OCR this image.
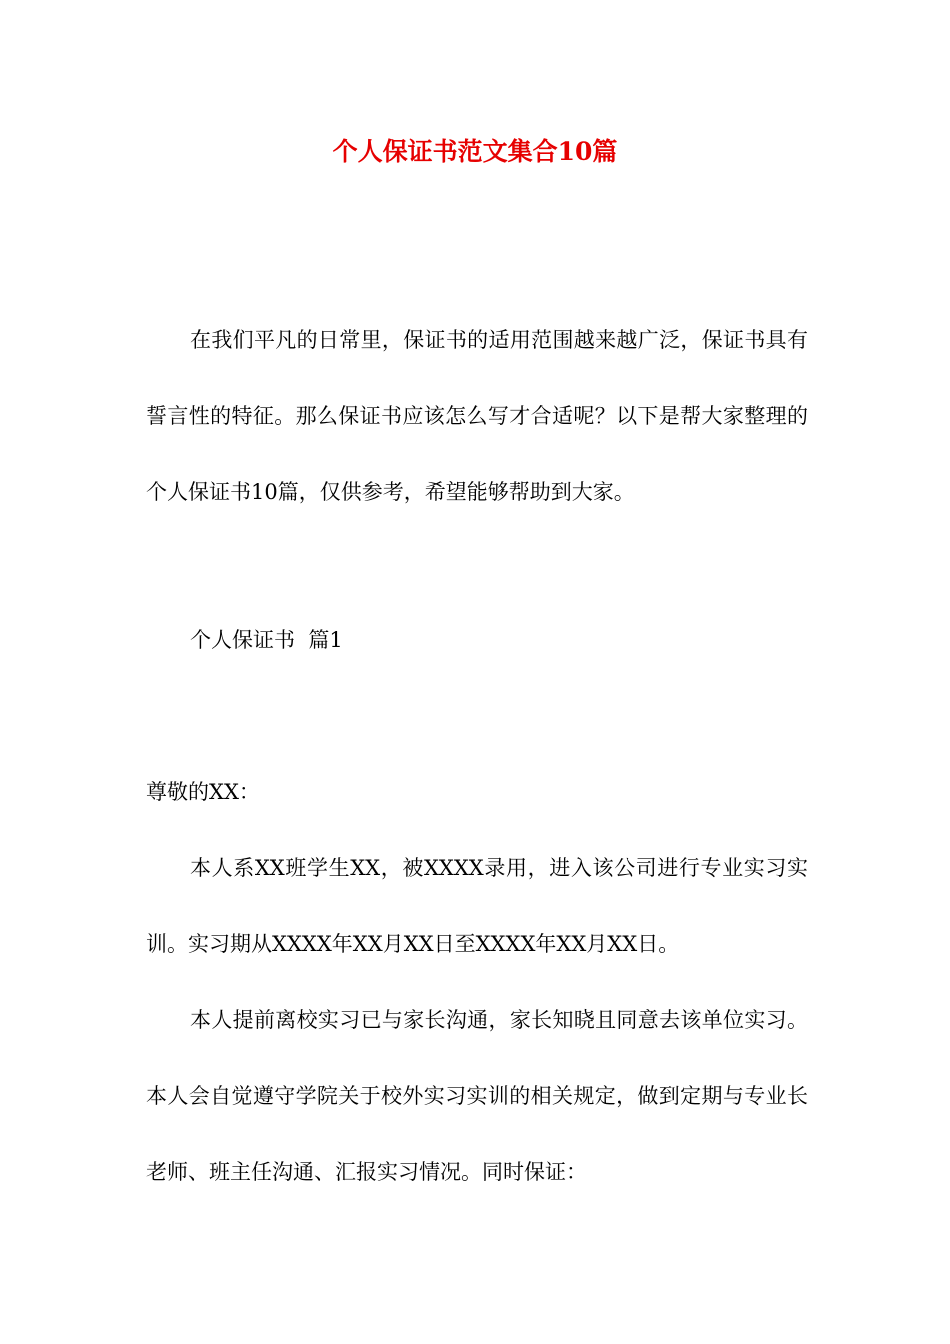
个人保证书范文集合10篇

在我们平凡的日常里，保证书的适用范围越来越广泛，保证书具有誓言性的特征。那么保证书应该怎么写才合适呢？以下是帮大家整理的个人保证书10篇，仅供参考，希望能够帮助到大家。

个人保证书  篇1

尊敬的XX：

本人系XX班学生XX，被XXXX录用，进入该公司进行专业实习实训。实习期从XXXX年XX月XX日至XXXX年XX月XX日。

本人提前离校实习已与家长沟通，家长知晓且同意去该单位实习。本人会自觉遵守学院关于校外实习实训的相关规定，做到定期与专业长老师、班主任沟通、汇报实习情况。同时保证：
